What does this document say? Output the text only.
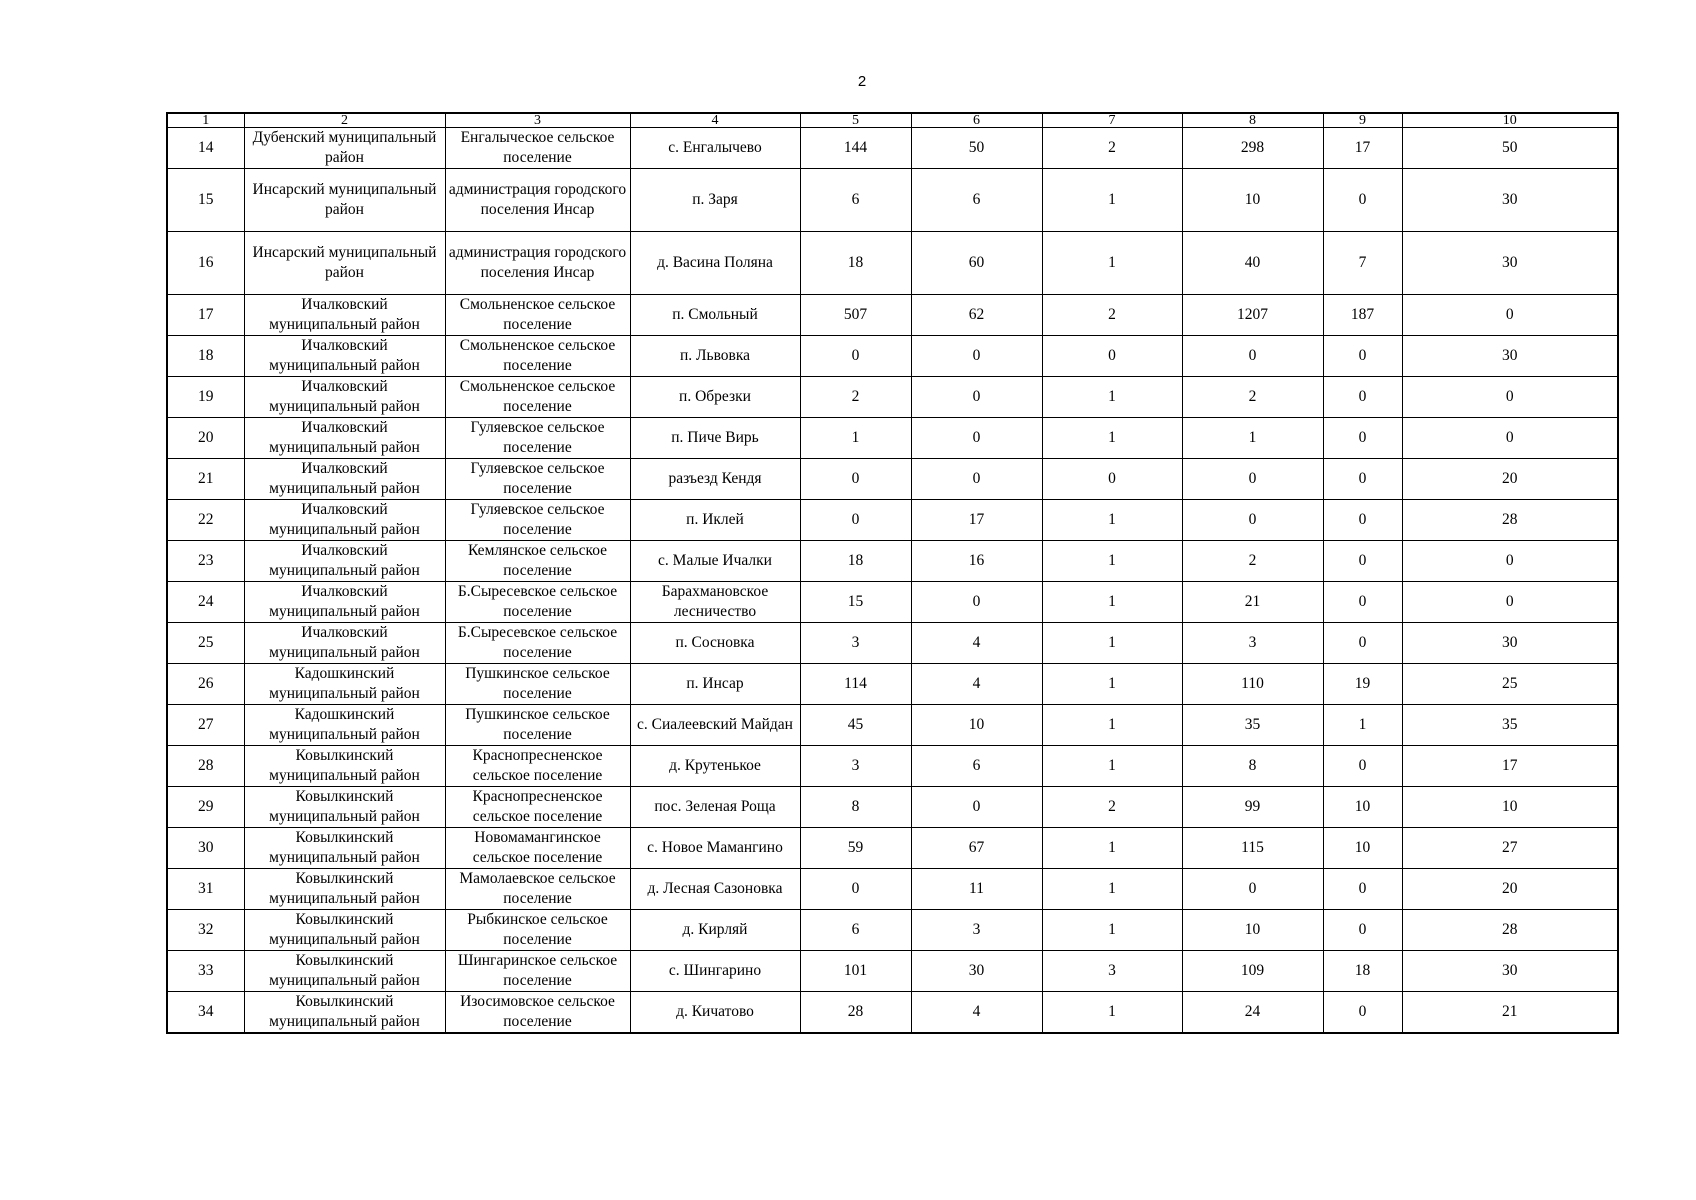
2
1	2	3	4	5	6	7	8	9	10
14	Дубенский муниципальный район	Енгалыческое сельское поселение	с. Енгалычево	144	50	2	298	17	50
15	Инсарский муниципальный район	администрация городского поселения Инсар	п. Заря	6	6	1	10	0	30
16	Инсарский муниципальный район	администрация городского поселения Инсар	д. Васина Поляна	18	60	1	40	7	30
17	Ичалковский муниципальный район	Смольненское сельское поселение	п. Смольный	507	62	2	1207	187	0
18	Ичалковский муниципальный район	Смольненское сельское поселение	п. Львовка	0	0	0	0	0	30
19	Ичалковский муниципальный район	Смольненское сельское поселение	п. Обрезки	2	0	1	2	0	0
20	Ичалковский муниципальный район	Гуляевское сельское поселение	п. Пиче Вирь	1	0	1	1	0	0
21	Ичалковский муниципальный район	Гуляевское сельское поселение	разъезд Кендя	0	0	0	0	0	20
22	Ичалковский муниципальный район	Гуляевское сельское поселение	п. Иклей	0	17	1	0	0	28
23	Ичалковский муниципальный район	Кемлянское сельское поселение	с. Малые Ичалки	18	16	1	2	0	0
24	Ичалковский муниципальный район	Б.Сыресевское сельское поселение	Барахмановское лесничество	15	0	1	21	0	0
25	Ичалковский муниципальный район	Б.Сыресевское сельское поселение	п. Сосновка	3	4	1	3	0	30
26	Кадошкинский муниципальный район	Пушкинское сельское поселение	п. Инсар	114	4	1	110	19	25
27	Кадошкинский муниципальный район	Пушкинское сельское поселение	с. Сиалеевский Майдан	45	10	1	35	1	35
28	Ковылкинский муниципальный район	Краснопресненское сельское поселение	д. Крутенькое	3	6	1	8	0	17
29	Ковылкинский муниципальный район	Краснопресненское сельское поселение	пос. Зеленая Роща	8	0	2	99	10	10
30	Ковылкинский муниципальный район	Новомамангинское сельское поселение	с. Новое Мамангино	59	67	1	115	10	27
31	Ковылкинский муниципальный район	Мамолаевское сельское поселение	д. Лесная Сазоновка	0	11	1	0	0	20
32	Ковылкинский муниципальный район	Рыбкинское сельское поселение	д. Кирляй	6	3	1	10	0	28
33	Ковылкинский муниципальный район	Шингаринское сельское поселение	с. Шингарино	101	30	3	109	18	30
34	Ковылкинский муниципальный район	Изосимовское сельское поселение	д. Кичатово	28	4	1	24	0	21
